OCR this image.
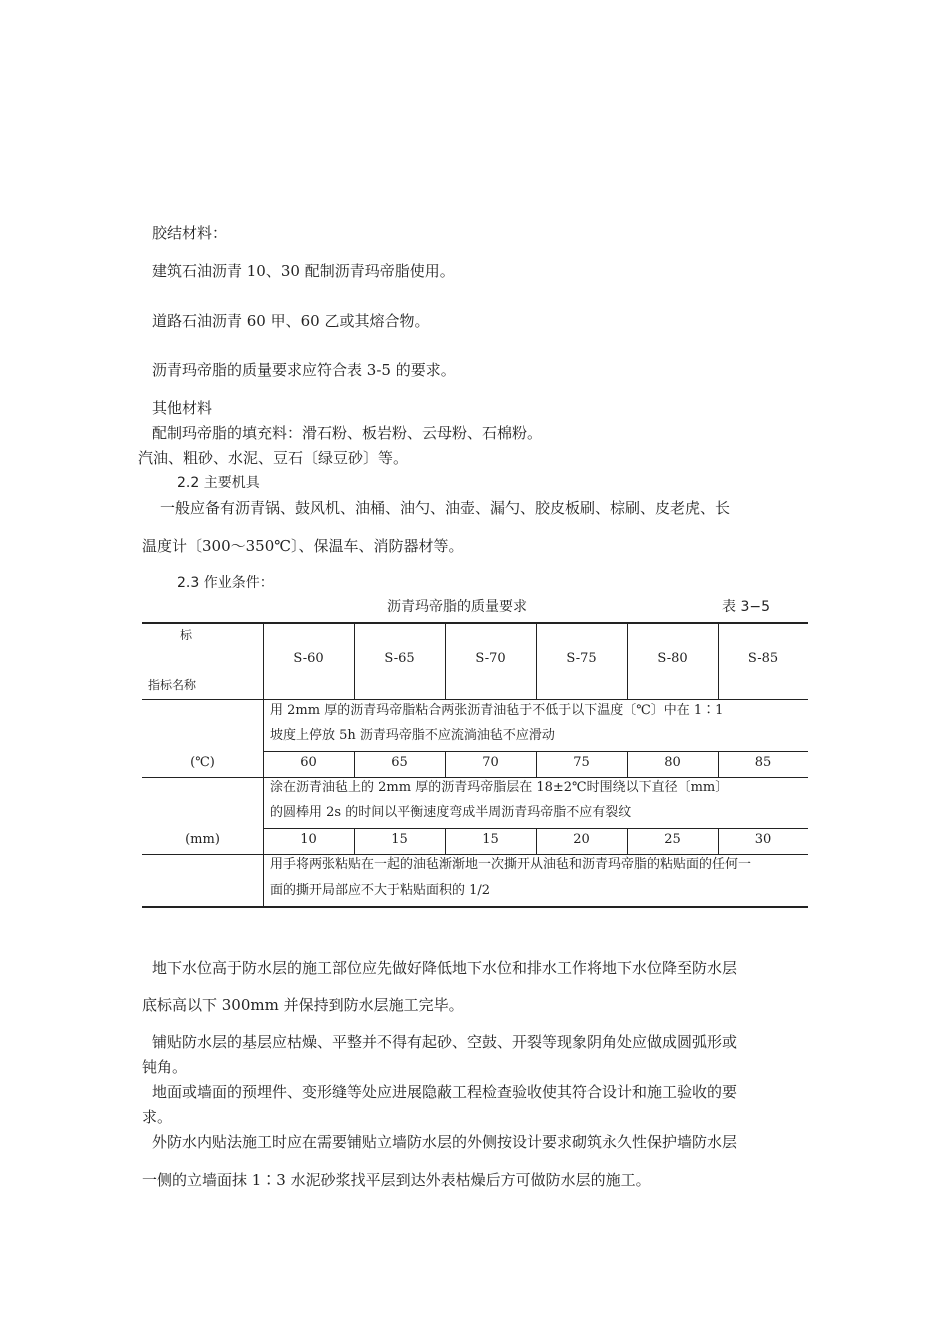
胶结材料：
建筑石油沥青 10、30 配制沥青玛帝脂使用。
道路石油沥青 60 甲、60 乙或其熔合物。
沥青玛帝脂的质量要求应符合表 3-5 的要求。
其他材料
配制玛帝脂的填充料：滑石粉、板岩粉、云母粉、石棉粉。
汽油、粗砂、水泥、豆石〔绿豆砂〕等。
2.2 主要机具
一般应备有沥青锅、鼓风机、油桶、油勺、油壶、漏勺、胶皮板刷、棕刷、皮老虎、长
温度计〔300～350℃〕、保温车、消防器材等。
2.3 作业条件：
沥青玛帝脂的质量要求	表 3−5
标
指标名称
S-60	S-65	S-70	S-75	S-80	S-85
用 2mm 厚的沥青玛帝脂粘合两张沥青油毡于不低于以下温度〔℃〕中在 1∶1
坡度上停放 5h 沥青玛帝脂不应流淌油毡不应滑动
(℃)	60	65	70	75	80	85
涂在沥青油毡上的 2mm 厚的沥青玛帝脂层在 18±2℃时围绕以下直径〔mm〕
的圆棒用 2s 的时间以平衡速度弯成半周沥青玛帝脂不应有裂纹
(mm)	10	15	15	20	25	30
用手将两张粘贴在一起的油毡渐渐地一次撕开从油毡和沥青玛帝脂的粘贴面的任何一
面的撕开局部应不大于粘贴面积的 1/2
地下水位高于防水层的施工部位应先做好降低地下水位和排水工作将地下水位降至防水层
底标高以下 300mm 并保持到防水层施工完毕。
铺贴防水层的基层应枯燥、平整并不得有起砂、空鼓、开裂等现象阴角处应做成圆弧形或
钝角。
地面或墙面的预埋件、变形缝等处应进展隐蔽工程检查验收使其符合设计和施工验收的要
求。
外防水内贴法施工时应在需要铺贴立墙防水层的外侧按设计要求砌筑永久性保护墙防水层
一侧的立墙面抹 1∶3 水泥砂浆找平层到达外表枯燥后方可做防水层的施工。
